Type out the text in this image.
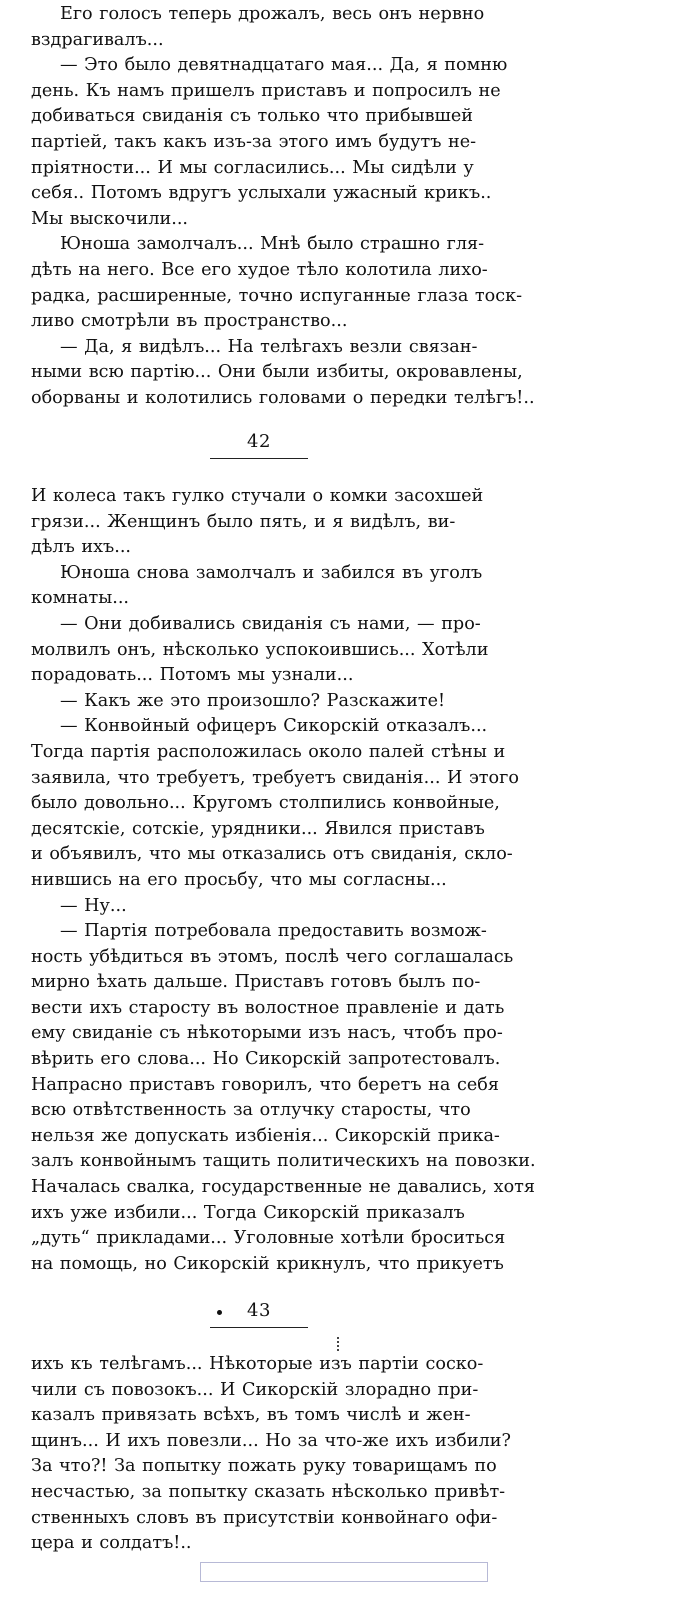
Его голосъ теперь дрожалъ, весь онъ нервно
вздрагивалъ...

— Это было девятнадцатаго мая... Да, я помню
день. Къ намъ пришелъ приставъ и попросилъ не
добиваться свиданія съ только что прибывшей
партіей, такъ какъ изъ-за этого имъ будутъ не-
пріятности... И мы согласились... Мы сидѣли у
себя.. Потомъ вдругъ услыхали ужасный крикъ..
Мы выскочили...

Юноша замолчалъ... Мнѣ было страшно гля-
дѣть на него. Все его худое тѣло колотила лихо-
радка, расширенные, точно испуганные глаза тоск-
ливо смотрѣли въ пространство...

— Да, я видѣлъ... На телѣгахъ везли связан-
ными всю партію... Они были избиты, окровавлены,
оборваны и колотились головами о передки телѣгъ!..

42

И колеса такъ гулко стучали о комки засохшей
грязи... Женщинъ было пять, и я видѣлъ, ви-
дѣлъ ихъ...

Юноша снова замолчалъ и забился въ уголъ
комнаты...

— Они добивались свиданія съ нами, — про-
молвилъ онъ, нѣсколько успокоившись... Хотѣли
порадовать... Потомъ мы узнали...

— Какъ же это произошло? Разскажите!

— Конвойный офицеръ Сикорскій отказалъ...
Тогда партія расположилась около палей стѣны и
заявила, что требуетъ, требуетъ свиданія... И этого
было довольно... Кругомъ столпились конвойные,
десятскіе, сотскіе, урядники... Явился приставъ
и объявилъ, что мы отказались отъ свиданія, скло-
нившись на его просьбу, что мы согласны...

— Ну...

— Партія потребовала предоставить возмож-
ность убѣдиться въ этомъ, послѣ чего соглашалась
мирно ѣхать дальше. Приставъ готовъ былъ по-
вести ихъ старосту въ волостное правленіе и дать
ему свиданіе съ нѣкоторыми изъ насъ, чтобъ про-
вѣрить его слова... Но Сикорскій запротестовалъ.
Напрасно приставъ говорилъ, что беретъ на себя
всю отвѣтственность за отлучку старосты, что
нельзя же допускать избіенія... Сикорскій прика-
залъ конвойнымъ тащить политическихъ на повозки.
Началась свалка, государственные не давались, хотя
ихъ уже избили... Тогда Сикорскій приказалъ
„дуть“ прикладами... Уголовные хотѣли броситься
на помощь, но Сикорскій крикнулъ, что прикуетъ

43

ихъ къ телѣгамъ... Нѣкоторые изъ партіи соско-
чили съ повозокъ... И Сикорскій злорадно при-
казалъ привязать всѣхъ, въ томъ числѣ и жен-
щинъ... И ихъ повезли... Но за что-же ихъ избили?
За что?! За попытку пожать руку товарищамъ по
несчастью, за попытку сказать нѣсколько привѣт-
ственныхъ словъ въ присутствіи конвойнаго офи-
цера и солдатъ!..
